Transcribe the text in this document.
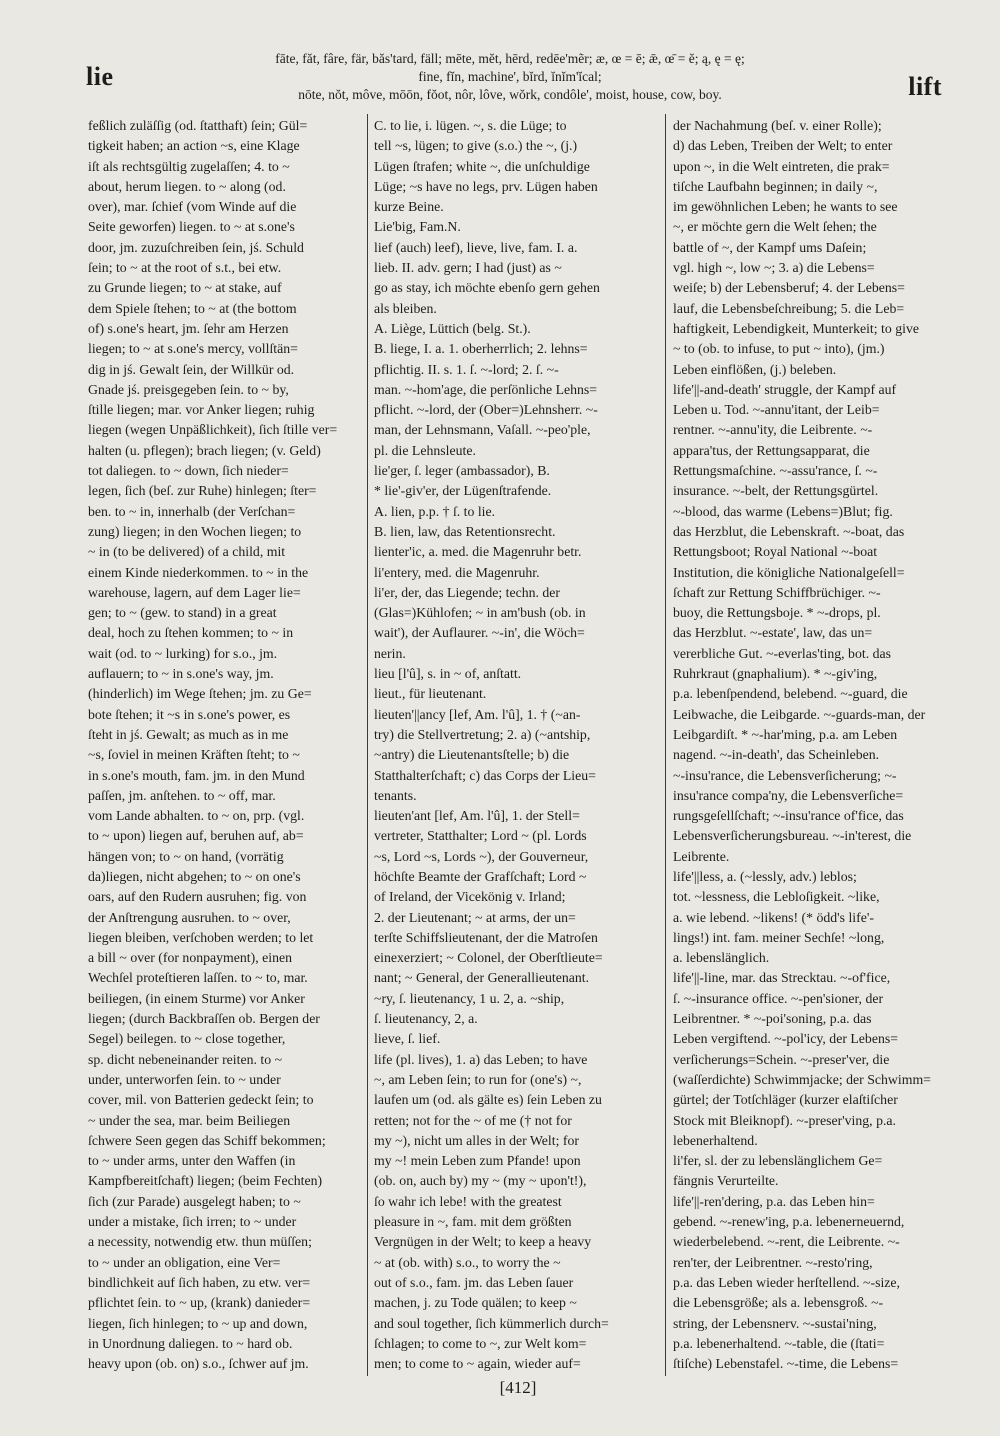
lie	lift
fāte, făt, fâre, fär, băs'tard, fäll; mēte, mĕt, hērd, redēe'mẽr; æ, œ = ē; ǣ, œ̄ = ĕ; ą, ę = ę;
fine, fĭn, machine', bĭrd, ĭnĭm'ĭcal;
nōte, nŏt, môve, mōōn, fŏot, nôr, lôve, wŏrk, condôle', moist, house, cow, boy.
feßlich zuläſſig (od. ſtatthaft) ſein; Gül=
tigkeit haben; an action ~s, eine Klage
iſt als rechtsgültig zugelaſſen; 4. to ~
about, herum liegen. to ~ along (od.
over), mar. ſchief (vom Winde auf die
Seite geworfen) liegen. to ~ at s.one's
door, jm. zuzuſchreiben ſein, jś. Schuld
ſein; to ~ at the root of s.t., bei etw.
zu Grunde liegen; to ~ at stake, auf
dem Spiele ſtehen; to ~ at (the bottom
of) s.one's heart, jm. ſehr am Herzen
liegen; to ~ at s.one's mercy, vollſtän=
dig in jś. Gewalt ſein, der Willkür od.
Gnade jś. preisgegeben ſein. to ~ by,
ſtille liegen; mar. vor Anker liegen; ruhig
liegen (wegen Unpäßlichkeit), ſich ſtille ver=
halten (u. pflegen); brach liegen; (v. Geld)
tot daliegen. to ~ down, ſich nieder=
legen, ſich (beſ. zur Ruhe) hinlegen; ſter=
ben. to ~ in, innerhalb (der Verſchan=
zung) liegen; in den Wochen liegen; to
~ in (to be delivered) of a child, mit
einem Kinde niederkommen. to ~ in the
warehouse, lagern, auf dem Lager lie=
gen; to ~ (gew. to stand) in a great
deal, hoch zu ſtehen kommen; to ~ in
wait (od. to ~ lurking) for s.o., jm.
auflauern; to ~ in s.one's way, jm.
(hinderlich) im Wege ſtehen; jm. zu Ge=
bote ſtehen; it ~s in s.one's power, es
ſteht in jś. Gewalt; as much as in me
~s, ſoviel in meinen Kräften ſteht; to ~
in s.one's mouth, fam. jm. in den Mund
paſſen, jm. anſtehen. to ~ off, mar.
vom Lande abhalten. to ~ on, prp. (vgl.
to ~ upon) liegen auf, beruhen auf, ab=
hängen von; to ~ on hand, (vorrätig
da)liegen, nicht abgehen; to ~ on one's
oars, auf den Rudern ausruhen; fig. von
der Anſtrengung ausruhen. to ~ over,
liegen bleiben, verſchoben werden; to let
a bill ~ over (for nonpayment), einen
Wechſel proteſtieren laſſen. to ~ to, mar.
beiliegen, (in einem Sturme) vor Anker
liegen; (durch Backbraſſen ob. Bergen der
Segel) beilegen. to ~ close together,
sp. dicht nebeneinander reiten. to ~
under, unterworfen ſein. to ~ under
cover, mil. von Batterien gedeckt ſein; to
~ under the sea, mar. beim Beiliegen
ſchwere Seen gegen das Schiff bekommen;
to ~ under arms, unter den Waffen (in
Kampfbereitſchaft) liegen; (beim Fechten)
ſich (zur Parade) ausgelegt haben; to ~
under a mistake, ſich irren; to ~ under
a necessity, notwendig etw. thun müſſen;
to ~ under an obligation, eine Ver=
bindlichkeit auf ſich haben, zu etw. ver=
pflichtet ſein. to ~ up, (krank) danieder=
liegen, ſich hinlegen; to ~ up and down,
in Unordnung daliegen. to ~ hard ob.
heavy upon (ob. on) s.o., ſchwer auf jm.
C. to lie, i. lügen. ~, s. die Lüge; to
tell ~s, lügen; to give (s.o.) the ~, (j.)
Lügen ſtrafen; white ~, die unſchuldige
Lüge; ~s have no legs, prv. Lügen haben
kurze Beine.
Lie'big, Fam.N.
lief (auch) leef), lieve, live, fam. I. a.
lieb. II. adv. gern; I had (just) as ~
go as stay, ich möchte ebenſo gern gehen
als bleiben.
A. Liège, Lüttich (belg. St.).
B. liege, I. a. 1. oberherrlich; 2. lehns=
pflichtig. II. s. 1. ſ. ~-lord; 2. ſ. ~-
man. ~-hom'age, die perſönliche Lehns=
pflicht. ~-lord, der (Ober=)Lehnsherr. ~-
man, der Lehnsmann, Vaſall. ~-peo'ple,
pl. die Lehnsleute.
lie'ger, ſ. leger (ambassador), B.
* lie'-giv'er, der Lügenſtrafende.
A. lien, p.p. † ſ. to lie.
B. lien, law, das Retentionsrecht.
lienter'ic, a. med. die Magenruhr betr.
li'entery, med. die Magenruhr.
li'er, der, das Liegende; techn. der
(Glas=)Kühlofen; ~ in am'bush (ob. in
wait'), der Auflaurer. ~-in', die Wöch=
nerin.
lieu [l'û], s. in ~ of, anſtatt.
lieut., für lieutenant.
lieuten'||ancy [lef, Am. l'û], 1. † (~an-
try) die Stellvertretung; 2. a) (~antship,
~antry) die Lieutenantsſtelle; b) die
Statthalterſchaft; c) das Corps der Lieu=
tenants.
lieuten'ant [lef, Am. l'û], 1. der Stell=
vertreter, Statthalter; Lord ~ (pl. Lords
~s, Lord ~s, Lords ~), der Gouverneur,
höchſte Beamte der Grafſchaft; Lord ~
of Ireland, der Vicekönig v. Irland;
2. der Lieutenant; ~ at arms, der un=
terſte Schiffslieutenant, der die Matroſen
einexerziert; ~ Colonel, der Oberſtlieute=
nant; ~ General, der Generallieutenant.
~ry, ſ. lieutenancy, 1 u. 2, a. ~ship,
ſ. lieutenancy, 2, a.
lieve, ſ. lief.
life (pl. lives), 1. a) das Leben; to have
~, am Leben ſein; to run for (one's) ~,
laufen um (od. als gälte es) ſein Leben zu
retten; not for the ~ of me († not for
my ~), nicht um alles in der Welt; for
my ~! mein Leben zum Pfande! upon
(ob. on, auch by) my ~ (my ~ upon't!),
ſo wahr ich lebe! with the greatest
pleasure in ~, fam. mit dem größten
Vergnügen in der Welt; to keep a heavy
~ at (ob. with) s.o., to worry the ~
out of s.o., fam. jm. das Leben ſauer
machen, j. zu Tode quälen; to keep ~
and soul together, ſich kümmerlich durch=
ſchlagen; to come to ~, zur Welt kom=
men; to come to ~ again, wieder auf=
der Nachahmung (beſ. v. einer Rolle);
d) das Leben, Treiben der Welt; to enter
upon ~, in die Welt eintreten, die prak=
tiſche Laufbahn beginnen; in daily ~,
im gewöhnlichen Leben; he wants to see
~, er möchte gern die Welt ſehen; the
battle of ~, der Kampf ums Daſein;
vgl. high ~, low ~; 3. a) die Lebens=
weiſe; b) der Lebensberuf; 4. der Lebens=
lauf, die Lebensbeſchreibung; 5. die Leb=
haftigkeit, Lebendigkeit, Munterkeit; to give
~ to (ob. to infuse, to put ~ into), (jm.)
Leben einflößen, (j.) beleben.
life'||-and-death' struggle, der Kampf auf
Leben u. Tod. ~-annu'itant, der Leib=
rentner. ~-annu'ity, die Leibrente. ~-
appara'tus, der Rettungsapparat, die
Rettungsmaſchine. ~-assu'rance, ſ. ~-
insurance. ~-belt, der Rettungsgürtel.
~-blood, das warme (Lebens=)Blut; fig.
das Herzblut, die Lebenskraft. ~-boat, das
Rettungsboot; Royal National ~-boat
Institution, die königliche Nationalgeſell=
ſchaft zur Rettung Schiffbrüchiger. ~-
buoy, die Rettungsboje. * ~-drops, pl.
das Herzblut. ~-estate', law, das un=
vererbliche Gut. ~-everlas'ting, bot. das
Ruhrkraut (gnaphalium). * ~-giv'ing,
p.a. lebenſpendend, belebend. ~-guard, die
Leibwache, die Leibgarde. ~-guards-man, der
Leibgardiſt. * ~-har'ming, p.a. am Leben
nagend. ~-in-death', das Scheinleben.
~-insu'rance, die Lebensverſicherung; ~-
insu'rance compa'ny, die Lebensverſiche=
rungsgeſellſchaft; ~-insu'rance of'fice, das
Lebensverſicherungsbureau. ~-in'terest, die
Leibrente.
life'||less, a. (~lessly, adv.) leblos;
tot. ~lessness, die Lebloſigkeit. ~like,
a. wie lebend. ~likens! (* ödd's life'-
lings!) int. fam. meiner Sechſe! ~long,
a. lebenslänglich.
life'||-line, mar. das Strecktau. ~-of'fice,
ſ. ~-insurance office. ~-pen'sioner, der
Leibrentner. * ~-poi'soning, p.a. das
Leben vergiftend. ~-pol'icy, der Lebens=
verſicherungs=Schein. ~-preser'ver, die
(waſſerdichte) Schwimmjacke; der Schwimm=
gürtel; der Totſchläger (kurzer elaſtiſcher
Stock mit Bleiknopf). ~-preser'ving, p.a.
lebenerhaltend.
li'fer, sl. der zu lebenslänglichem Ge=
fängnis Verurteilte.
life'||-ren'dering, p.a. das Leben hin=
gebend. ~-renew'ing, p.a. lebenerneuernd,
wiederbelebend. ~-rent, die Leibrente. ~-
ren'ter, der Leibrentner. ~-resto'ring,
p.a. das Leben wieder herſtellend. ~-size,
die Lebensgröße; als a. lebensgroß. ~-
string, der Lebensnerv. ~-sustai'ning,
p.a. lebenerhaltend. ~-table, die (ſtati=
ſtiſche) Lebenstafel. ~-time, die Lebens=
[412]
